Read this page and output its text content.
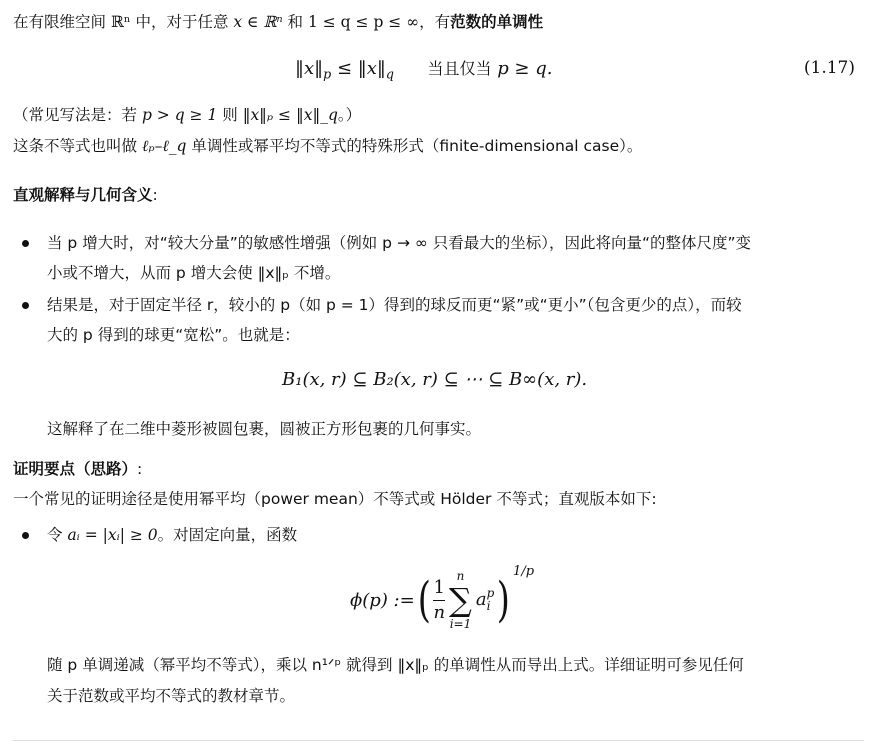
在有限维空间 ℝⁿ 中，对于任意 x ∈ ℝⁿ 和 1 ≤ q ≤ p ≤ ∞，有范数的单调性
$‖x‖_p$ ≤ $‖x‖_q$ 当且仅当 p ≥ q.	(1.17)
（常见写法是：若 p > q ≥ 1 则 ‖x‖ₚ ≤ ‖x‖_q。）
这条不等式也叫做 ℓₚ–ℓ_q 单调性或幂平均不等式的特殊形式（finite-dimensional case）。
直观解释与几何含义:
当 p 增大时，对“较大分量”的敏感性增强（例如 p → ∞ 只看最大的坐标），因此将向量“的整体尺度”变
小或不增大，从而 p 增大会使 ‖x‖ₚ 不增。
结果是，对于固定半径 r，较小的 p（如 p = 1）得到的球反而更“紧”或“更小”（包含更少的点），而较
大的 p 得到的球更“宽松”。也就是：
B₁(x, r) ⊆ B₂(x, r) ⊆ ⋯ ⊆ B∞(x, r).
这解释了在二维中菱形被圆包裹，圆被正方形包裹的几何事实。
证明要点（思路）:
一个常见的证明途径是使用幂平均（power mean）不等式或 Hölder 不等式；直观版本如下:
令 aᵢ = |xᵢ| ≥ 0。对固定向量，函数
ϕ(p) := ( $\frac{1}{n}$
n
∑
i=1
a p
i )
1/p
随 p 单调递减（幂平均不等式），乘以 n¹ᐟᵖ 就得到 ‖x‖ₚ 的单调性从而导出上式。详细证明可参见任何
关于范数或平均不等式的教材章节。
